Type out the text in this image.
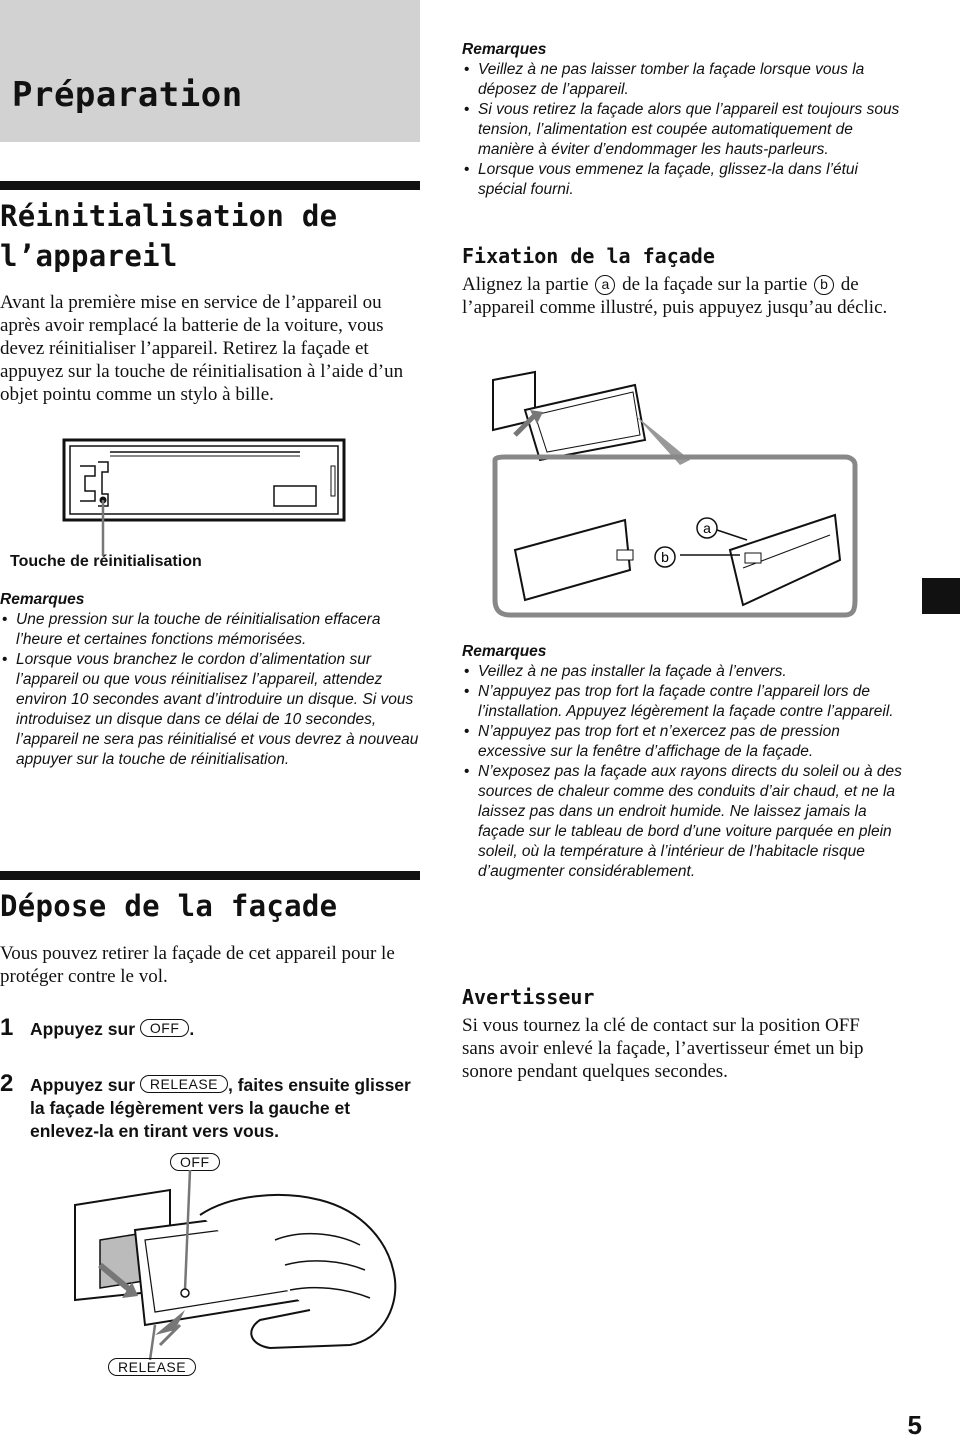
Préparation
Réinitialisation de
l’appareil
Avant la première mise en service de l’appareil ou après avoir remplacé la batterie de la voiture, vous devez réinitialiser l’appareil. Retirez la façade et appuyez sur la touche de réinitialisation à l’aide d’un objet pointu comme un stylo à bille.
Touche de réinitialisation
Remarques
• Une pression sur la touche de réinitialisation effacera l’heure et certaines fonctions mémorisées.
• Lorsque vous branchez le cordon d’alimentation sur l’appareil ou que vous réinitialisez l’appareil, attendez environ 10 secondes avant d’introduire un disque. Si vous introduisez un disque dans ce délai de 10 secondes, l’appareil ne sera pas réinitialisé et vous devrez à nouveau appuyer sur la touche de réinitialisation.
Dépose de la façade
Vous pouvez retirer la façade de cet appareil pour le protéger contre le vol.
1 Appuyez sur OFF .
2 Appuyez sur RELEASE , faites ensuite glisser la façade légèrement vers la gauche et enlevez-la en tirant vers vous.
OFF
RELEASE
Remarques
• Veillez à ne pas laisser tomber la façade lorsque vous la déposez de l’appareil.
• Si vous retirez la façade alors que l’appareil est toujours sous tension, l’alimentation est coupée automatiquement de manière à éviter d’endommager les hauts-parleurs.
• Lorsque vous emmenez la façade, glissez-la dans l’étui spécial fourni.
Fixation de la façade
Alignez la partie a de la façade sur la partie b de l’appareil comme illustré, puis appuyez jusqu’au déclic.
b
a
Remarques
• Veillez à ne pas installer la façade à l’envers.
• N’appuyez pas trop fort la façade contre l’appareil lors de l’installation. Appuyez légèrement la façade contre l’appareil.
• N’appuyez pas trop fort et n’exercez pas de pression excessive sur la fenêtre d’affichage de la façade.
• N’exposez pas la façade aux rayons directs du soleil ou à des sources de chaleur comme des conduits d’air chaud, et ne la laissez pas dans un endroit humide. Ne laissez jamais la façade sur le tableau de bord d’une voiture parquée en plein soleil, où la température à l’intérieur de l’habitacle risque d’augmenter considérablement.
Avertisseur
Si vous tournez la clé de contact sur la position OFF sans avoir enlevé la façade, l’avertisseur émet un bip sonore pendant quelques secondes.
5
